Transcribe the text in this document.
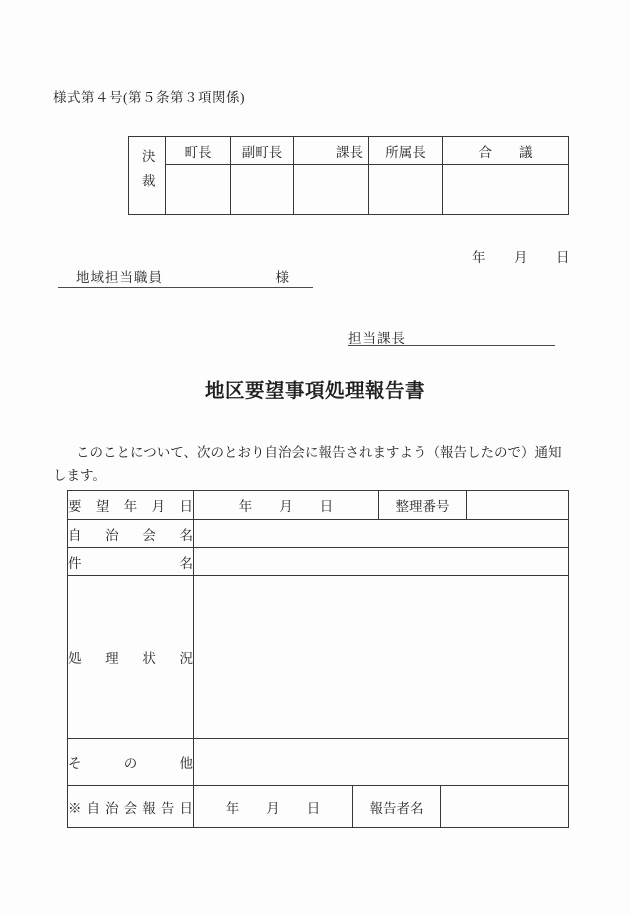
様式第４号(第５条第３項関係)
決裁	町長	副町長	課長	所属長	合　　議

年　　月　　日
地域担当職員	様
担当課長
地区要望事項処理報告書
このことについて、次のとおり自治会に報告されますよう（報告したので）通知
します。
要 望 年 月 日	年　　月　　日		整理番号		
自 治 会 名					
件 名					
処 理 状 況					
そ の 他					
※ 自 治 会 報 告 日	年　　月　　日	報告者名			
